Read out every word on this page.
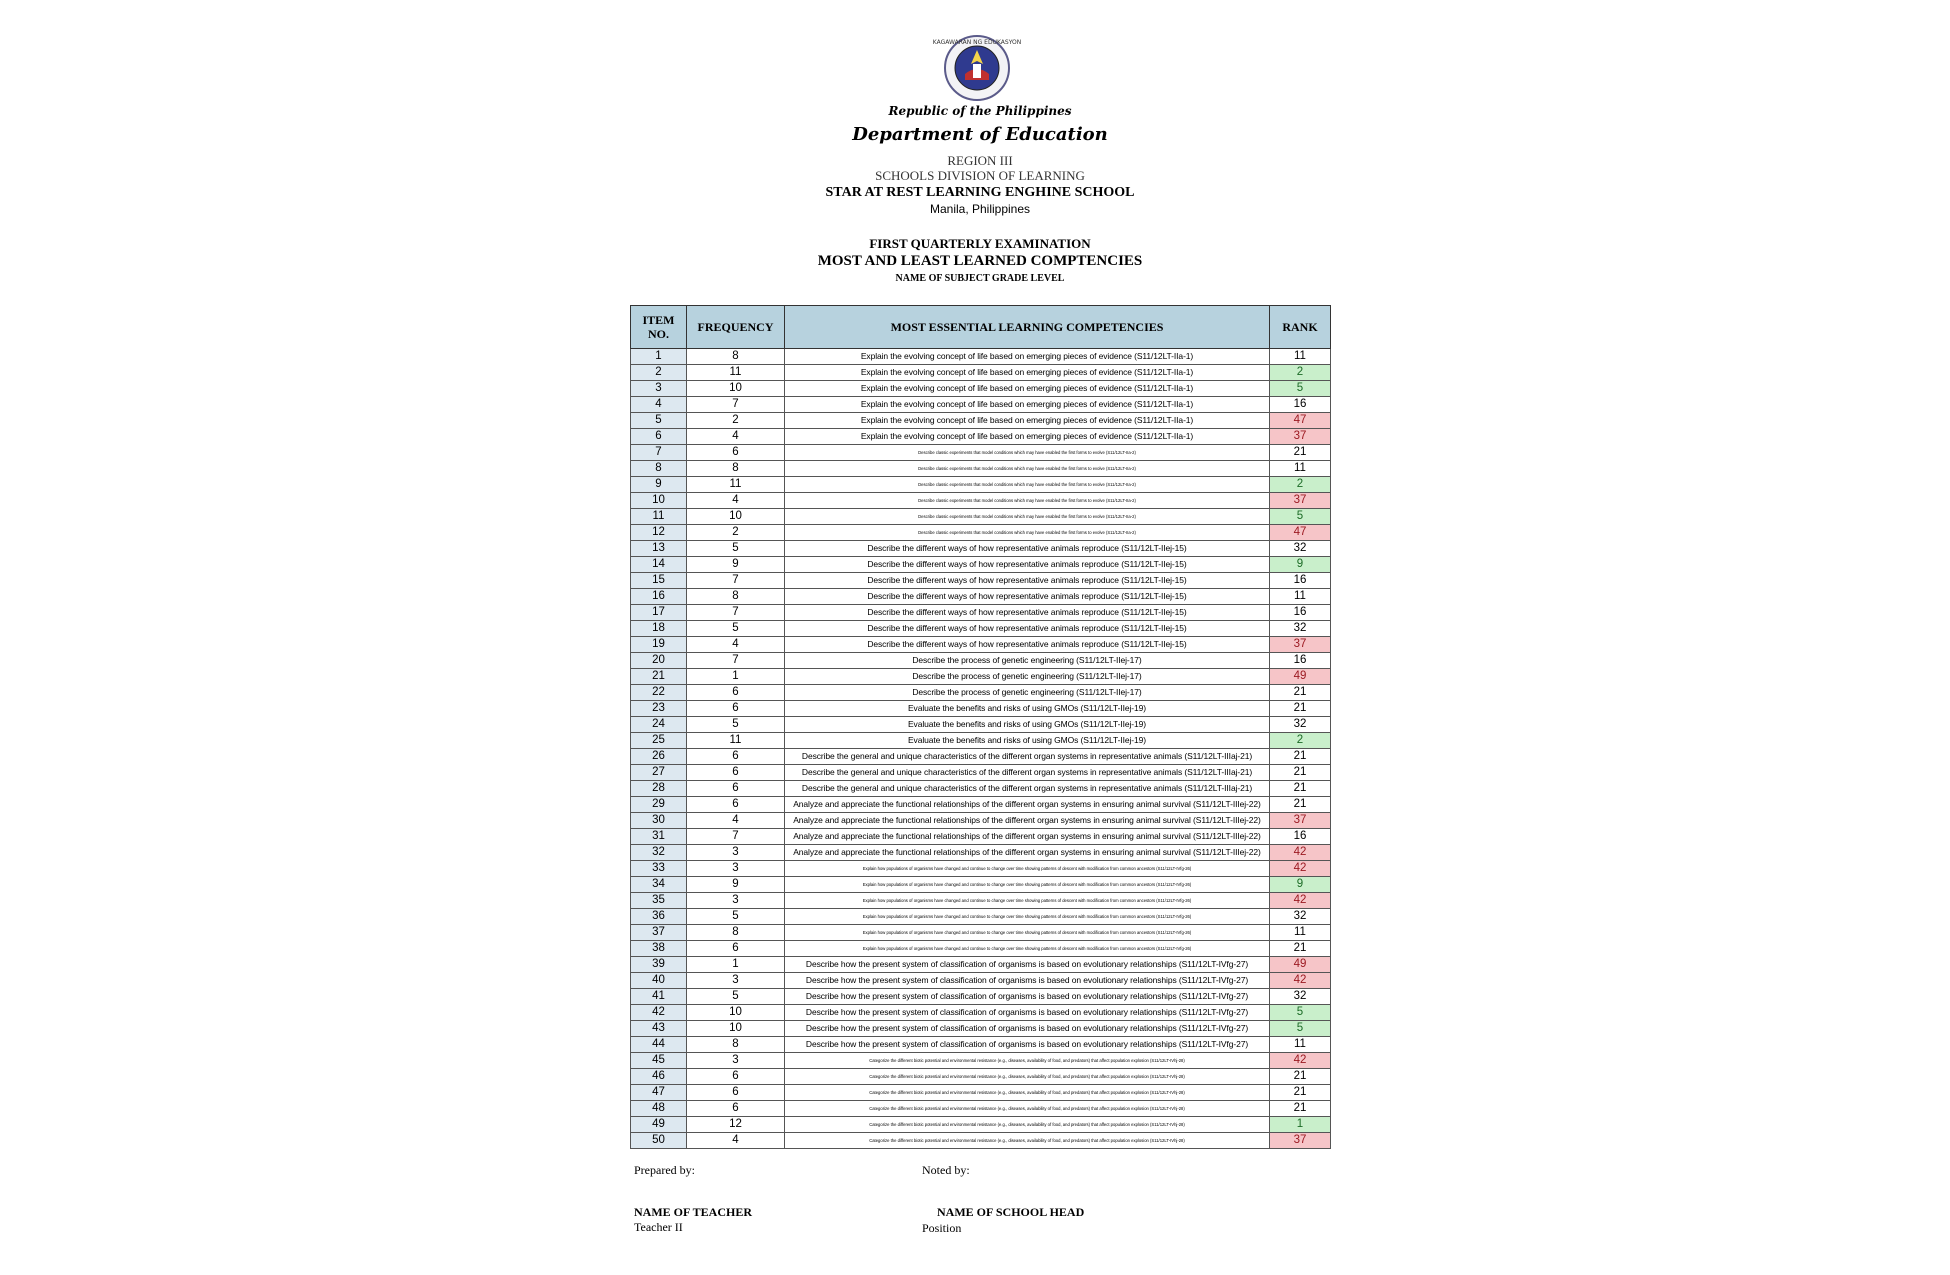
KAGAWARAN NG EDUKASYON
Republic of the Philippines
Department of Education
REGION III
SCHOOLS DIVISION OF LEARNING
STAR AT REST LEARNING ENGHINE SCHOOL
Manila, Philippines
FIRST QUARTERLY EXAMINATION
MOST AND LEAST LEARNED COMPTENCIES
NAME OF SUBJECT GRADE LEVEL
ITEM NO.	FREQUENCY	MOST ESSENTIAL LEARNING COMPETENCIES	RANK
1	8	Explain the evolving concept of life based on emerging pieces of evidence (S11/12LT-IIa-1)	11
2	11	Explain the evolving concept of life based on emerging pieces of evidence (S11/12LT-IIa-1)	2
3	10	Explain the evolving concept of life based on emerging pieces of evidence (S11/12LT-IIa-1)	5
4	7	Explain the evolving concept of life based on emerging pieces of evidence (S11/12LT-IIa-1)	16
5	2	Explain the evolving concept of life based on emerging pieces of evidence (S11/12LT-IIa-1)	47
6	4	Explain the evolving concept of life based on emerging pieces of evidence (S11/12LT-IIa-1)	37
7	6	Describe classic experiments that model conditions which may have enabled the first forms to evolve (S11/12LT-IIa-2)	21
8	8	Describe classic experiments that model conditions which may have enabled the first forms to evolve (S11/12LT-IIa-2)	11
9	11	Describe classic experiments that model conditions which may have enabled the first forms to evolve (S11/12LT-IIa-2)	2
10	4	Describe classic experiments that model conditions which may have enabled the first forms to evolve (S11/12LT-IIa-2)	37
11	10	Describe classic experiments that model conditions which may have enabled the first forms to evolve (S11/12LT-IIa-2)	5
12	2	Describe classic experiments that model conditions which may have enabled the first forms to evolve (S11/12LT-IIa-2)	47
13	5	Describe the different ways of how representative animals reproduce (S11/12LT-IIej-15)	32
14	9	Describe the different ways of how representative animals reproduce (S11/12LT-IIej-15)	9
15	7	Describe the different ways of how representative animals reproduce (S11/12LT-IIej-15)	16
16	8	Describe the different ways of how representative animals reproduce (S11/12LT-IIej-15)	11
17	7	Describe the different ways of how representative animals reproduce (S11/12LT-IIej-15)	16
18	5	Describe the different ways of how representative animals reproduce (S11/12LT-IIej-15)	32
19	4	Describe the different ways of how representative animals reproduce (S11/12LT-IIej-15)	37
20	7	Describe the process of genetic engineering (S11/12LT-IIej-17)	16
21	1	Describe the process of genetic engineering (S11/12LT-IIej-17)	49
22	6	Describe the process of genetic engineering (S11/12LT-IIej-17)	21
23	6	Evaluate the benefits and risks of using GMOs (S11/12LT-IIej-19)	21
24	5	Evaluate the benefits and risks of using GMOs (S11/12LT-IIej-19)	32
25	11	Evaluate the benefits and risks of using GMOs (S11/12LT-IIej-19)	2
26	6	Describe the general and unique characteristics of the different organ systems in representative animals (S11/12LT-IIIaj-21)	21
27	6	Describe the general and unique characteristics of the different organ systems in representative animals (S11/12LT-IIIaj-21)	21
28	6	Describe the general and unique characteristics of the different organ systems in representative animals (S11/12LT-IIIaj-21)	21
29	6	Analyze and appreciate the functional relationships of the different organ systems in ensuring animal survival (S11/12LT-IIIej-22)	21
30	4	Analyze and appreciate the functional relationships of the different organ systems in ensuring animal survival (S11/12LT-IIIej-22)	37
31	7	Analyze and appreciate the functional relationships of the different organ systems in ensuring animal survival (S11/12LT-IIIej-22)	16
32	3	Analyze and appreciate the functional relationships of the different organ systems in ensuring animal survival (S11/12LT-IIIej-22)	42
33	3	Explain how populations of organisms have changed and continue to change over time showing patterns of descent with modification from common ancestors (S11/12LT-IVfg-26)	42
34	9	Explain how populations of organisms have changed and continue to change over time showing patterns of descent with modification from common ancestors (S11/12LT-IVfg-26)	9
35	3	Explain how populations of organisms have changed and continue to change over time showing patterns of descent with modification from common ancestors (S11/12LT-IVfg-26)	42
36	5	Explain how populations of organisms have changed and continue to change over time showing patterns of descent with modification from common ancestors (S11/12LT-IVfg-26)	32
37	8	Explain how populations of organisms have changed and continue to change over time showing patterns of descent with modification from common ancestors (S11/12LT-IVfg-26)	11
38	6	Explain how populations of organisms have changed and continue to change over time showing patterns of descent with modification from common ancestors (S11/12LT-IVfg-26)	21
39	1	Describe how the present system of classification of organisms is based on evolutionary relationships (S11/12LT-IVfg-27)	49
40	3	Describe how the present system of classification of organisms is based on evolutionary relationships (S11/12LT-IVfg-27)	42
41	5	Describe how the present system of classification of organisms is based on evolutionary relationships (S11/12LT-IVfg-27)	32
42	10	Describe how the present system of classification of organisms is based on evolutionary relationships (S11/12LT-IVfg-27)	5
43	10	Describe how the present system of classification of organisms is based on evolutionary relationships (S11/12LT-IVfg-27)	5
44	8	Describe how the present system of classification of organisms is based on evolutionary relationships (S11/12LT-IVfg-27)	11
45	3	Categorize the different biotic potential and environmental resistance (e.g., diseases, availability of food, and predators) that affect population explosion (S11/12LT-IVhj-28)	42
46	6	Categorize the different biotic potential and environmental resistance (e.g., diseases, availability of food, and predators) that affect population explosion (S11/12LT-IVhj-28)	21
47	6	Categorize the different biotic potential and environmental resistance (e.g., diseases, availability of food, and predators) that affect population explosion (S11/12LT-IVhj-28)	21
48	6	Categorize the different biotic potential and environmental resistance (e.g., diseases, availability of food, and predators) that affect population explosion (S11/12LT-IVhj-28)	21
49	12	Categorize the different biotic potential and environmental resistance (e.g., diseases, availability of food, and predators) that affect population explosion (S11/12LT-IVhj-28)	1
50	4	Categorize the different biotic potential and environmental resistance (e.g., diseases, availability of food, and predators) that affect population explosion (S11/12LT-IVhj-28)	37
Prepared by:	Noted by:
NAME OF TEACHER
Teacher II
NAME OF SCHOOL HEAD
Position
